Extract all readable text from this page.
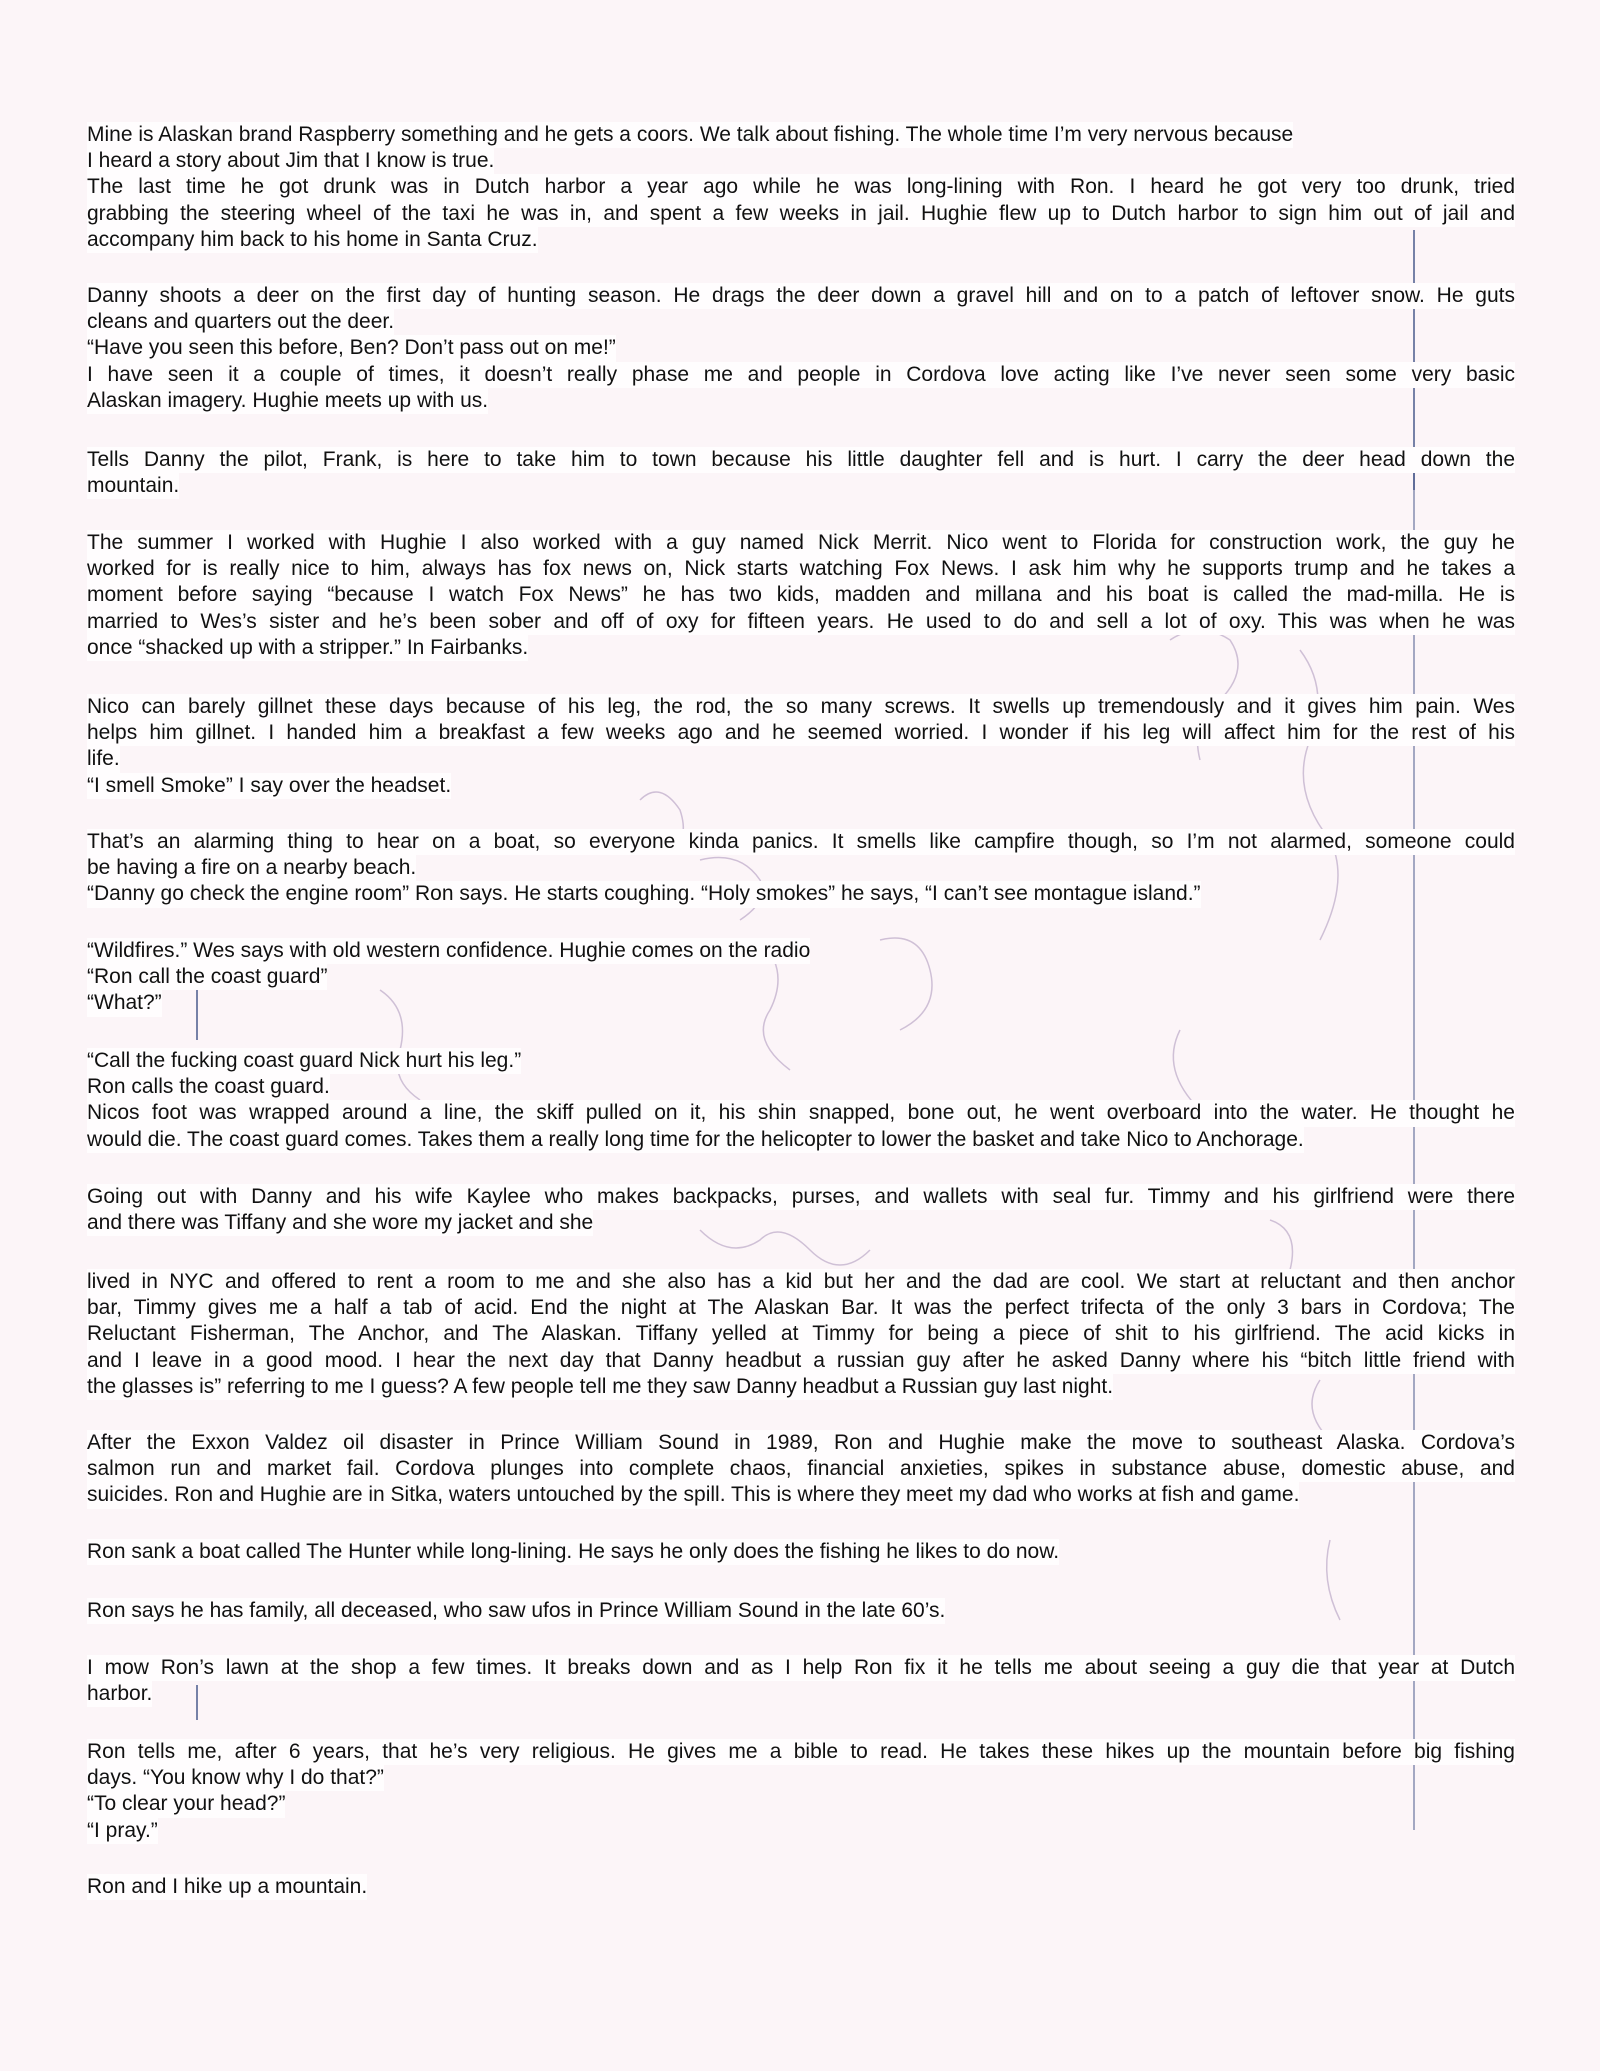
Mine is Alaskan brand Raspberry something and he gets a coors. We talk about fishing. The whole time I’m very nervous because
I heard a story about Jim that I know is true.
The last time he got drunk was in Dutch harbor a year ago while he was long-lining with Ron. I heard he got very too drunk, tried
grabbing the steering wheel of the taxi he was in, and spent a few weeks in jail. Hughie flew up to Dutch harbor to sign him out of jail and
accompany him back to his home in Santa Cruz.
Danny shoots a deer on the first day of hunting season. He drags the deer down a gravel hill and on to a patch of leftover snow. He guts
cleans and quarters out the deer.
“Have you seen this before, Ben? Don’t pass out on me!”
I have seen it a couple of times, it doesn’t really phase me and people in Cordova love acting like I’ve never seen some very basic
Alaskan imagery. Hughie meets up with us.
Tells Danny the pilot, Frank, is here to take him to town because his little daughter fell and is hurt. I carry the deer head down the
mountain.
The summer I worked with Hughie I also worked with a guy named Nick Merrit. Nico went to Florida for construction work, the guy he
worked for is really nice to him, always has fox news on, Nick starts watching Fox News. I ask him why he supports trump and he takes a
moment before saying “because I watch Fox News” he has two kids, madden and millana and his boat is called the mad-milla. He is
married to Wes’s sister and he’s been sober and off of oxy for fifteen years. He used to do and sell a lot of oxy. This was when he was
once “shacked up with a stripper.” In Fairbanks.
Nico can barely gillnet these days because of his leg, the rod, the so many screws. It swells up tremendously and it gives him pain. Wes
helps him gillnet. I handed him a breakfast a few weeks ago and he seemed worried. I wonder if his leg will affect him for the rest of his
life.
“I smell Smoke” I say over the headset.
That’s an alarming thing to hear on a boat, so everyone kinda panics. It smells like campfire though, so I’m not alarmed, someone could
be having a fire on a nearby beach.
“Danny go check the engine room” Ron says. He starts coughing. “Holy smokes” he says, “I can’t see montague island.”
“Wildfires.” Wes says with old western confidence. Hughie comes on the radio
“Ron call the coast guard”
“What?”
“Call the fucking coast guard Nick hurt his leg.”
Ron calls the coast guard.
Nicos foot was wrapped around a line, the skiff pulled on it, his shin snapped, bone out, he went overboard into the water. He thought he
would die. The coast guard comes. Takes them a really long time for the helicopter to lower the basket and take Nico to Anchorage.
Going out with Danny and his wife Kaylee who makes backpacks, purses, and wallets with seal fur. Timmy and his girlfriend were there
and there was Tiffany and she wore my jacket and she
lived in NYC and offered to rent a room to me and she also has a kid but her and the dad are cool. We start at reluctant and then anchor
bar, Timmy gives me a half a tab of acid. End the night at The Alaskan Bar. It was the perfect trifecta of the only 3 bars in Cordova; The
Reluctant Fisherman, The Anchor, and The Alaskan. Tiffany yelled at Timmy for being a piece of shit to his girlfriend. The acid kicks in
and I leave in a good mood. I hear the next day that Danny headbut a russian guy after he asked Danny where his “bitch little friend with
the glasses is” referring to me I guess? A few people tell me they saw Danny headbut a Russian guy last night.
After the Exxon Valdez oil disaster in Prince William Sound in 1989, Ron and Hughie make the move to southeast Alaska. Cordova’s
salmon run and market fail. Cordova plunges into complete chaos, financial anxieties, spikes in substance abuse, domestic abuse, and
suicides. Ron and Hughie are in Sitka, waters untouched by the spill. This is where they meet my dad who works at fish and game.
Ron sank a boat called The Hunter while long-lining. He says he only does the fishing he likes to do now.
Ron says he has family, all deceased, who saw ufos in Prince William Sound in the late 60’s.
I mow Ron’s lawn at the shop a few times. It breaks down and as I help Ron fix it he tells me about seeing a guy die that year at Dutch
harbor.
Ron tells me, after 6 years, that he’s very religious. He gives me a bible to read. He takes these hikes up the mountain before big fishing
days. “You know why I do that?”
“To clear your head?”
“I pray.”
Ron and I hike up a mountain.
